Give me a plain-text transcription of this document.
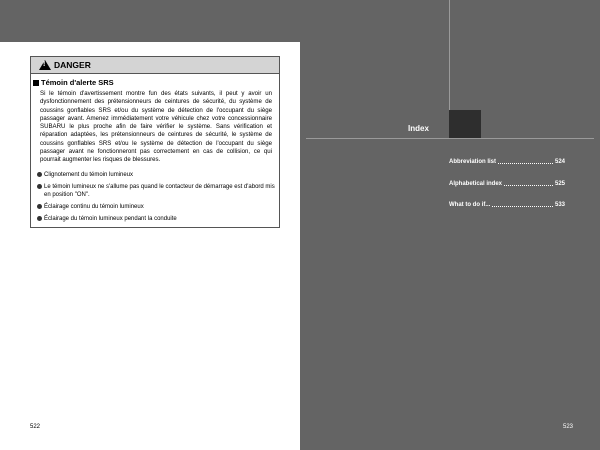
!
DANGER
Témoin d'alerte SRS
Si le témoin d'avertissement montre fun des états suivants, il peut y avoir un dysfonctionnement des prétensionneurs de ceintures de sécurité, du système de coussins gonflables SRS et/ou du système de détection de l'occupant du siège passager avant. Amenez immédiatement votre véhicule chez votre concessionnaire SUBARU le plus proche afin de faire vérifier le système. Sans vérification et réparation adaptées, les prétensionneurs de ceintures de sécurité, le système de coussins gonflables SRS et/ou le système de détection de l'occupant du siège passager avant ne fonctionneront pas correctement en cas de collision, ce qui pourrait augmenter les risques de blessures.
Clignotement du témoin lumineux
Le témoin lumineux ne s'allume pas quand le contacteur de démarrage est d'abord mis en position "ON".
Éclairage continu du témoin lumineux
Éclairage du témoin lumineux pendant la conduite
522
Index
Abbreviation list	524
Alphabetical index	525
What to do if...	533
523
